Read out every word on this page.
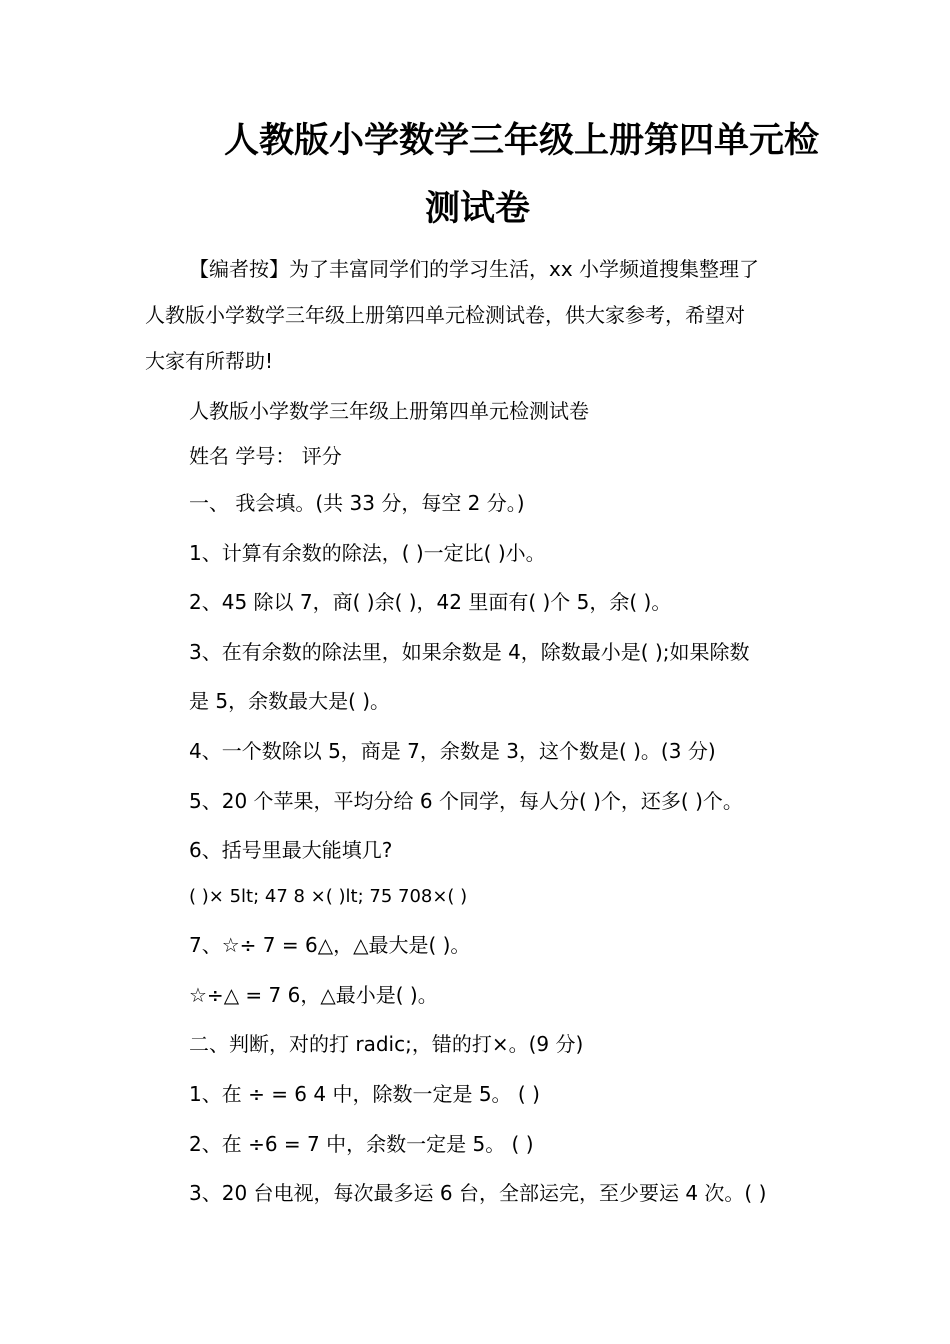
人教版小学数学三年级上册第四单元检
测试卷
【编者按】为了丰富同学们的学习生活，xx 小学频道搜集整理了
人教版小学数学三年级上册第四单元检测试卷，供大家参考，希望对
大家有所帮助!
人教版小学数学三年级上册第四单元检测试卷
姓名 学号： 评分
一、 我会填。(共 33 分，每空 2 分。)
1、计算有余数的除法，( )一定比( )小。
2、45 除以 7，商( )余( )，42 里面有( )个 5，余( )。
3、在有余数的除法里，如果余数是 4，除数最小是( );如果除数
是 5，余数最大是( )。
4、一个数除以 5，商是 7，余数是 3，这个数是( )。(3 分)
5、20 个苹果，平均分给 6 个同学，每人分( )个，还多( )个。
6、括号里最大能填几?
( )× 5lt; 47 8 ×( )lt; 75 708×( )
7、☆÷ 7 = 6△，△最大是( )。
☆÷△ = 7 6，△最小是( )。
二、判断，对的打 radic;，错的打×。(9 分)
1、在 ÷ = 6 4 中，除数一定是 5。 ( )
2、在 ÷6 = 7 中，余数一定是 5。 ( )
3、20 台电视，每次最多运 6 台，全部运完，至少要运 4 次。( )
